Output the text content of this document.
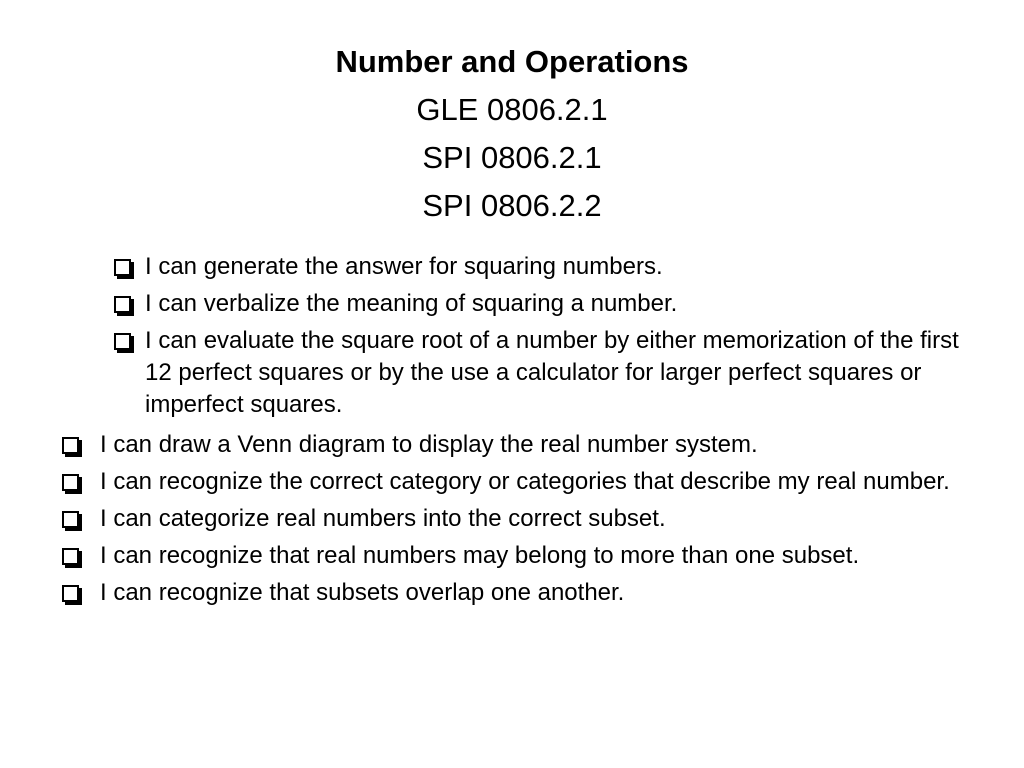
Number and Operations
GLE 0806.2.1
SPI 0806.2.1
SPI 0806.2.2
I can generate the answer for squaring numbers.
I can verbalize the meaning of squaring a number.
I can evaluate the square root of a number by either memorization of the first 12 perfect squares or by the use a calculator for larger perfect squares or imperfect squares.
I can draw a Venn diagram to display the real number system.
I can recognize the correct category or categories that describe my real number.
I can categorize real numbers into the correct subset.
I can recognize that real numbers may belong to more than one subset.
I can recognize that subsets overlap one another.
